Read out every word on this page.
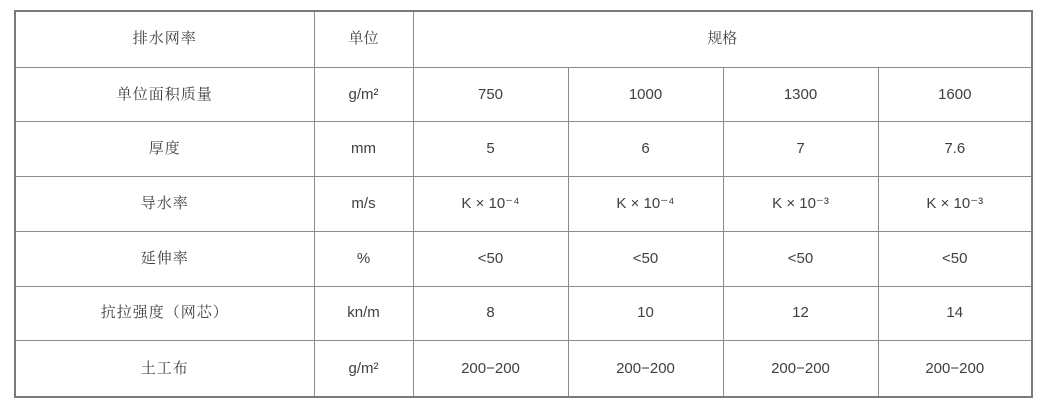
排水网率	单位	规格			
单位面积质量	g/m²	750	1000	1300	1600
厚度	mm	5	6	7	7.6
导水率	m/s	K × 10⁻⁴	K × 10⁻⁴	K × 10⁻³	K × 10⁻³
延伸率	%	<50	<50	<50	<50
抗拉强度（网芯）	kn/m	8	10	12	14
土工布	g/m²	200−200	200−200	200−200	200−200
